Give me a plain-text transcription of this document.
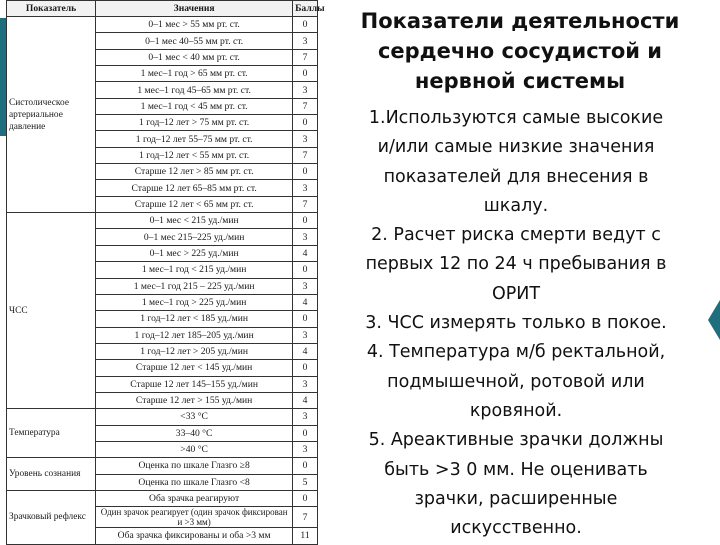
Показатель	Значения	Баллы
Систолическое артериальное давление	0–1 мес > 55 мм рт. ст.	0
	0–1 мес 40–55 мм рт. ст.	3
	0–1 мес < 40 мм рт. ст.	7
	1 мес–1 год > 65 мм рт. ст.	0
	1 мес–1 год 45–65 мм рт. ст.	3
	1 мес–1 год < 45 мм рт. ст.	7
	1 год–12 лет > 75 мм рт. ст.	0
	1 год–12 лет 55–75 мм рт. ст.	3
	1 год–12 лет < 55 мм рт. ст.	7
	Старше 12 лет > 85 мм рт. ст.	0
	Старше 12 лет 65–85 мм рт. ст.	3
	Старше 12 лет < 65 мм рт. ст.	7
ЧСС	0–1 мес < 215 уд./мин	0
	0–1 мес 215–225 уд./мин	3
	0–1 мес > 225 уд./мин	4
	1 мес–1 год < 215 уд./мин	0
	1 мес–1 год 215 – 225 уд./мин	3
	1 мес–1 год > 225 уд./мин	4
	1 год–12 лет < 185 уд./мин	0
	1 год–12 лет 185–205 уд./мин	3
	1 год–12 лет > 205 уд./мин	4
	Старше 12 лет < 145 уд./мин	0
	Старше 12 лет 145–155 уд./мин	3
	Старше 12 лет > 155 уд./мин	4
Температура	<33 °C	3
	33–40 °C	0
	>40 °C	3
Уровень сознания	Оценка по шкале Глазго ≥8	0
	Оценка по шкале Глазго <8	5
Зрачковый рефлекс	Оба зрачка реагируют	0
	Один зрачок реагирует (один зрачок фиксирован и >3 мм)	7
	Оба зрачка фиксированы и оба >3 мм	11
Показатели деятельности
сердечно сосудистой и
нервной системы
1.Используются самые высокие
и/или самые низкие значения
показателей для внесения в
шкалу.
2. Расчет риска смерти ведут с
первых 12 по 24 ч пребывания в
ОРИТ
3. ЧСС измерять только в покое.
4. Температура м/б ректальной,
подмышечной, ротовой или
кровяной.
5. Ареактивные зрачки должны
быть >3 0 мм. Не оценивать
зрачки, расширенные
искусственно.
